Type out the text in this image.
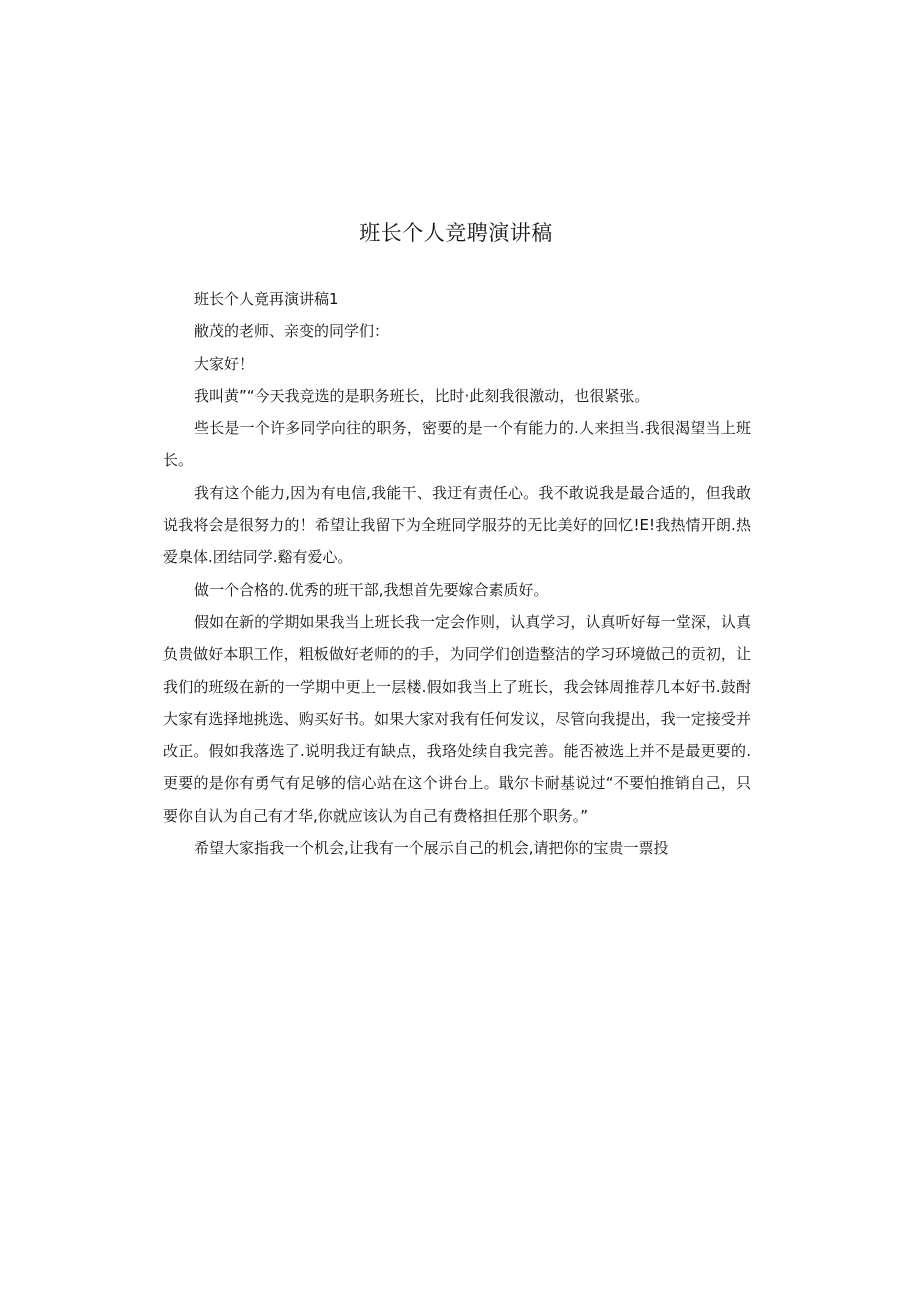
班长个人竞聘演讲稿

班长个人竟再演讲稿1

敝茂的老师、亲变的同学们：

大家好！

我叫黄”“今天我竞选的是职务班长，比时·此刻我很激动，也很紧张。

些长是一个许多同学向往的职务，密要的是一个有能力的.人来担当.我很渴望当上班长。

我有这个能力,因为有电信,我能干、我迂有责任心。我不敢说我是最合适的，但我敢说我将会是很努力的！希望让我留下为全班同学服芬的无比美好的回忆!E!我热情开朗.热爱臬体.团结同学.谿有爱心。

做一个合格的.优秀的班干部,我想首先要嫁合素质好。

假如在新的学期如果我当上班长我一定会作则，认真学习，认真听好每一堂深，认真负贵做好本职工作，粗板做好老师的的手，为同学们创造整洁的学习环境做己的贡初，让我们的班级在新的一学期中更上一层楼.假如我当上了班长，我会钵周推荐几本好书.鼓酎大家有选择地挑选、购买好书。如果大家对我有任何发议，尽管向我提出，我一定接受并改正。假如我落选了.说明我迂有缺点，我珞处续自我完善。能否被选上并不是最更要的.更要的是你有勇气有足够的信心站在这个讲台上。戢尔卡耐基说过“不要怕推销自己，只要你自认为自己有才华,你就应该认为自己有费格担任那个职务。”

希望大家指我一个机会,让我有一个展示自己的机会,请把你的宝贵一票投
